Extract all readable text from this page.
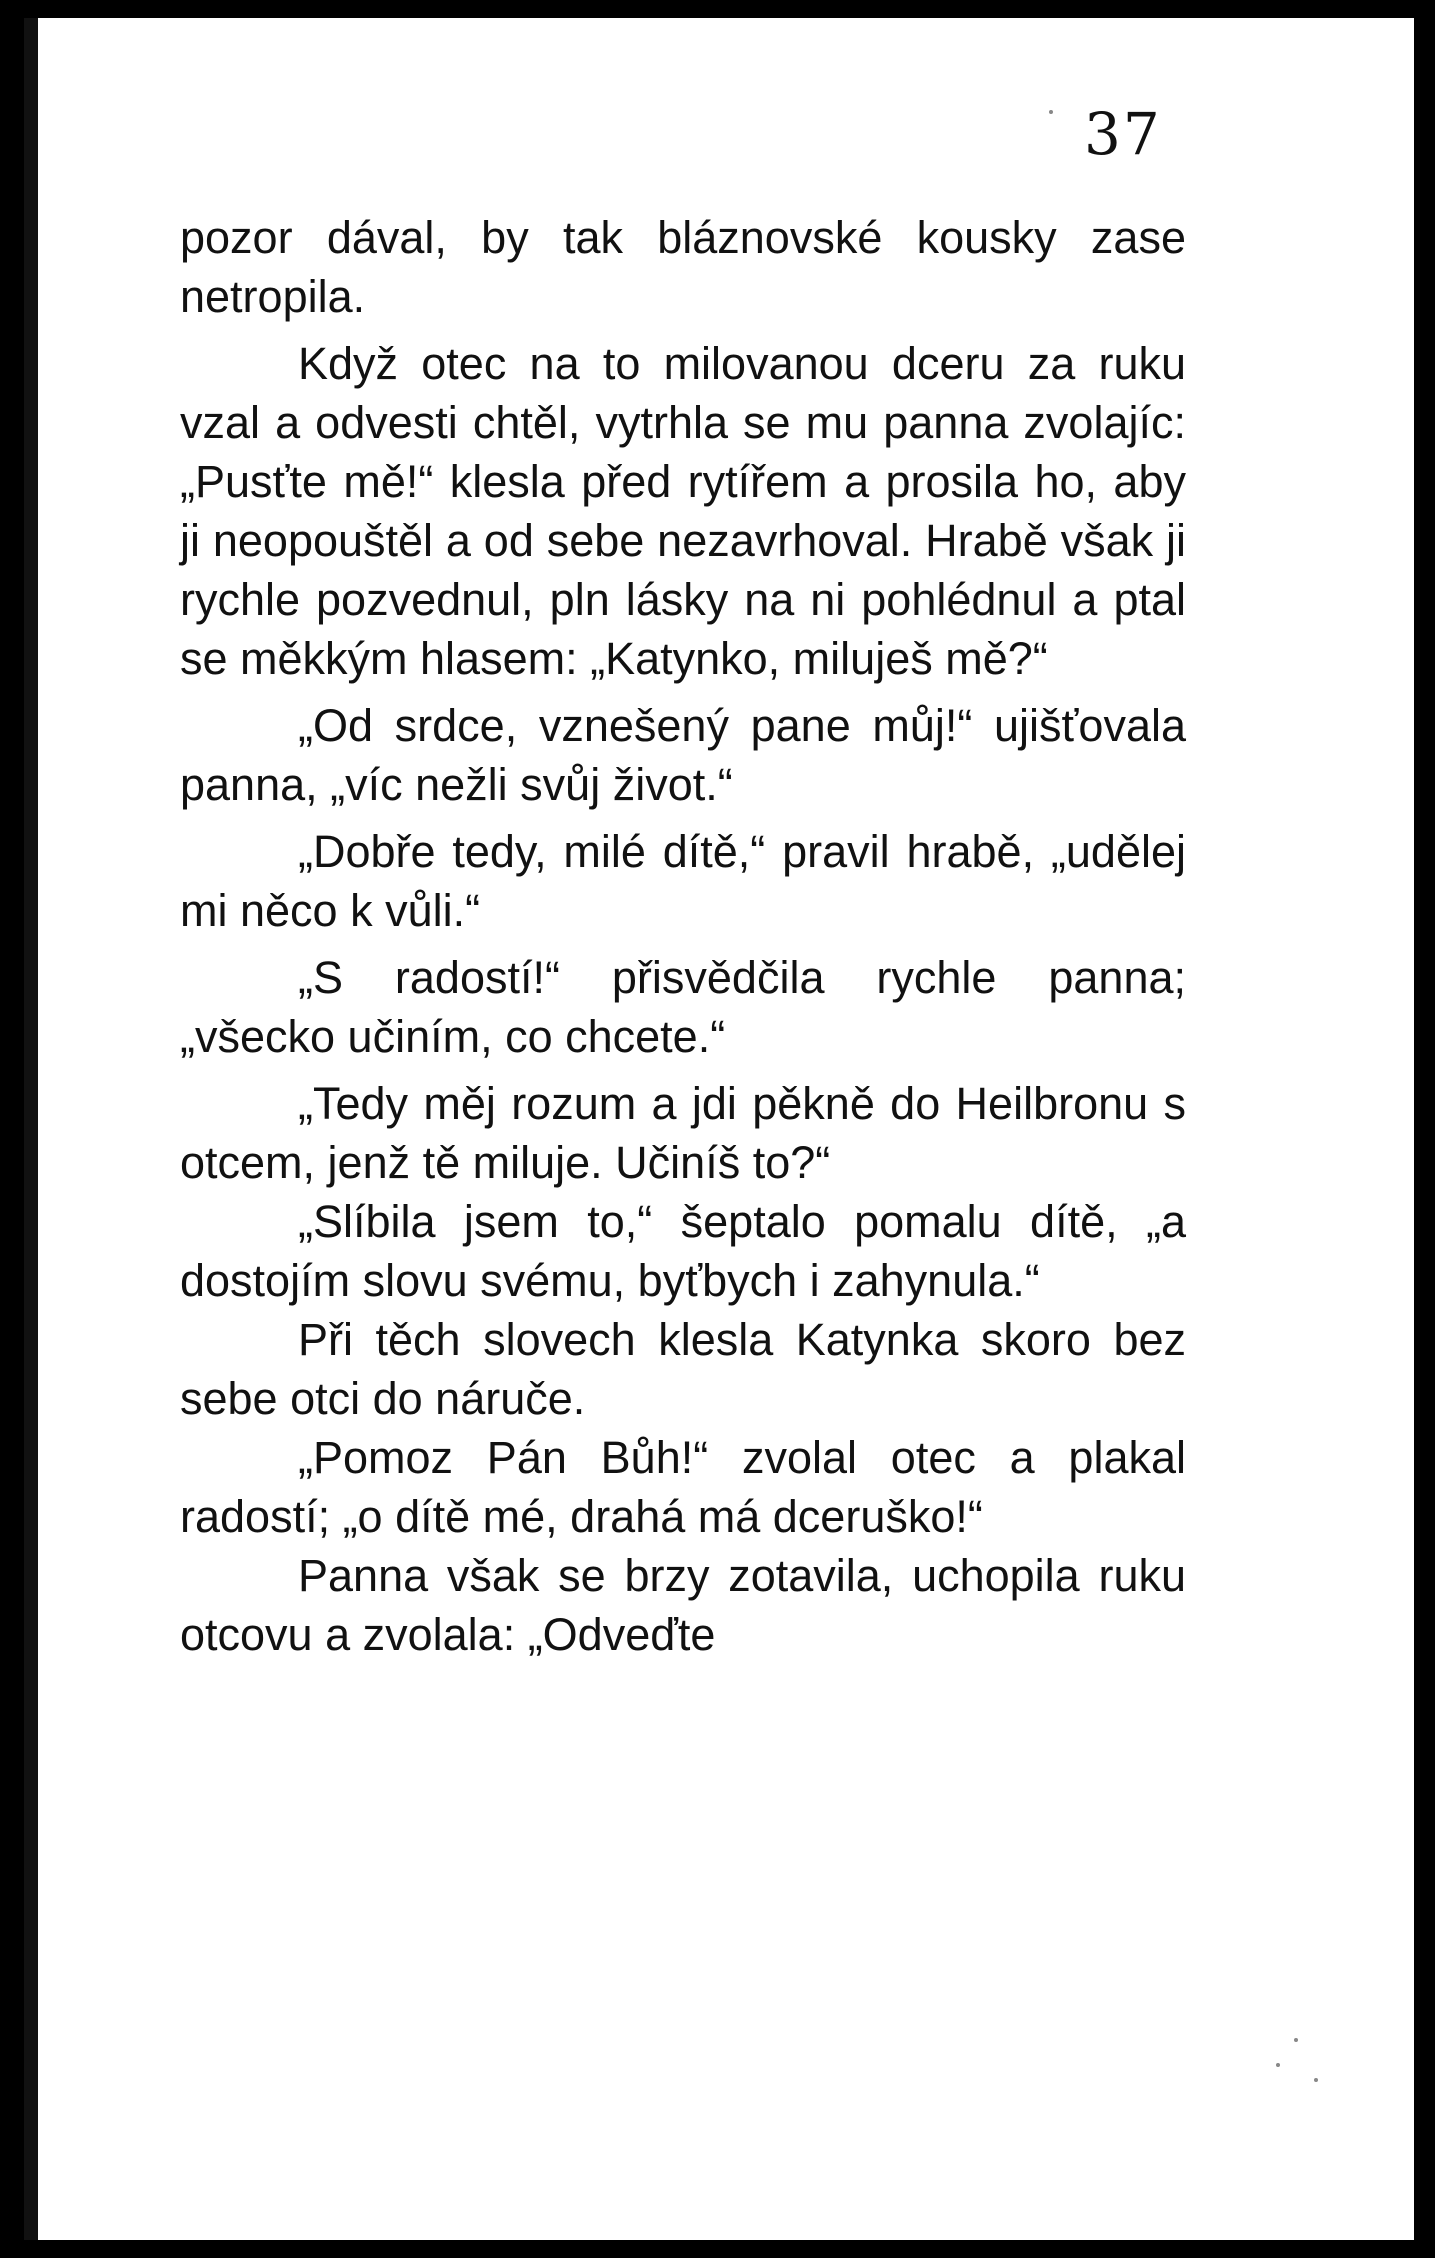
37

pozor dával, by tak bláznovské kousky zase netropila.

Když otec na to milovanou dceru za ruku vzal a odvesti chtěl, vytrhla se mu panna zvolajíc: „Pusťte mě!“ klesla před rytířem a prosila ho, aby ji neopouštěl a od sebe nezavrhoval. Hrabě však ji rychle pozvednul, pln lásky na ni pohlédnul a ptal se měkkým hlasem: „Katynko, miluješ mě?“

„Od srdce, vznešený pane můj!“ ujišťovala panna, „víc nežli svůj život.“

„Dobře tedy, milé dítě,“ pravil hrabě, „udělej mi něco k vůli.“

„S radostí!“ přisvědčila rychle panna; „všecko učiním, co chcete.“

„Tedy měj rozum a jdi pěkně do Heilbronu s otcem, jenž tě miluje. Učiníš to?“

„Slíbila jsem to,“ šeptalo pomalu dítě, „a dostojím slovu svému, byťbych i zahynula.“

Při těch slovech klesla Katynka skoro bez sebe otci do náruče.

„Pomoz Pán Bůh!“ zvolal otec a plakal radostí; „o dítě mé, drahá má dceruško!“

Panna však se brzy zotavila, uchopila ruku otcovu a zvolala: „Odveďte
